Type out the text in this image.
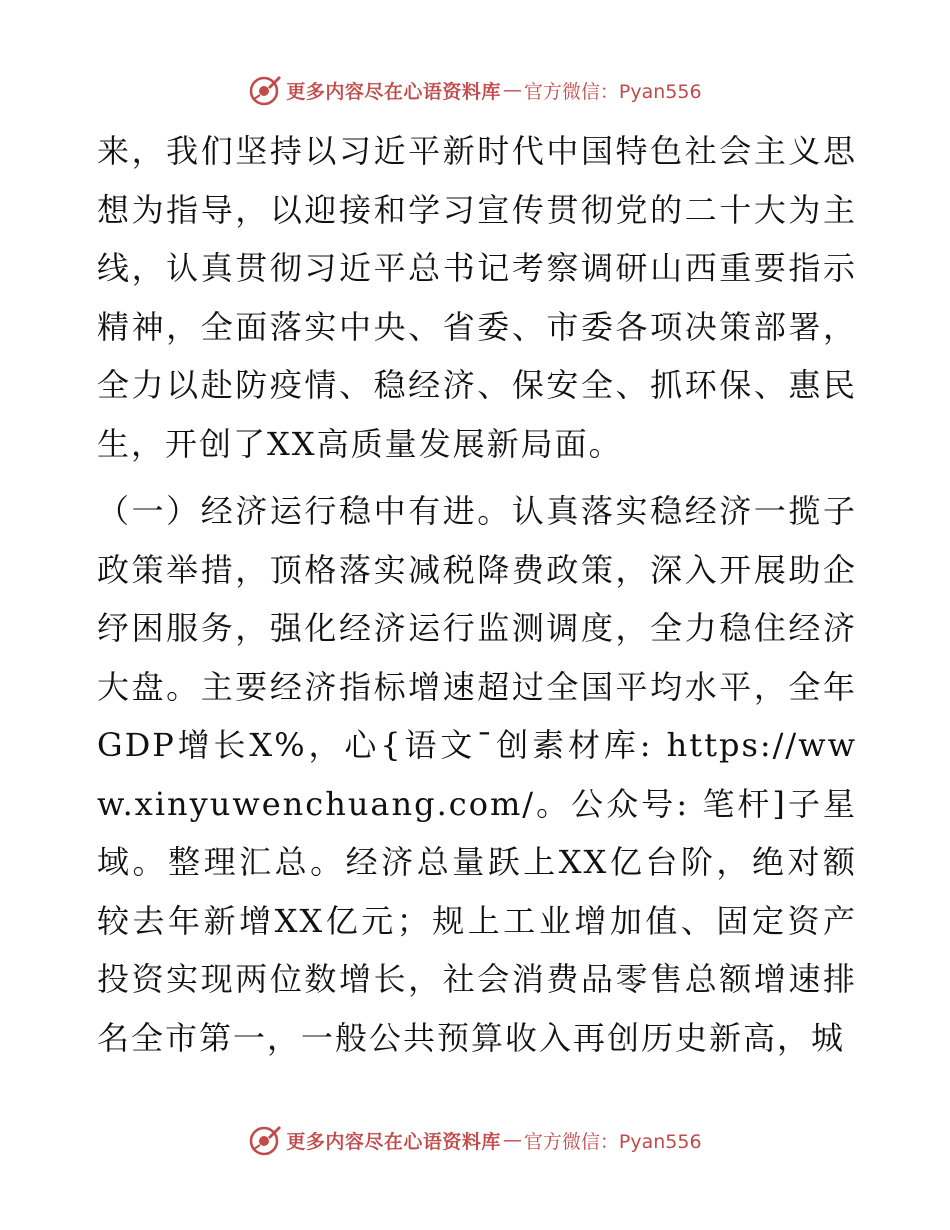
更多内容尽在心语资料库 — 官方微信：Pyan556

来，我们坚持以习近平新时代中国特色社会主义思想为指导，以迎接和学习宣传贯彻党的二十大为主线，认真贯彻习近平总书记考察调研山西重要指示精神，全面落实中央、省委、市委各项决策部署，全力以赴防疫情、稳经济、保安全、抓环保、惠民生，开创了XX高质量发展新局面。

（一）经济运行稳中有进。认真落实稳经济一揽子政策举措，顶格落实减税降费政策，深入开展助企纾困服务，强化经济运行监测调度，全力稳住经济大盘。主要经济指标增速超过全国平均水平，全年GDP增长X%，心{语文¯创素材库: https://www.xinyuwenchuang.com/。公众号: 笔杆]子星域。整理汇总。经济总量跃上XX亿台阶，绝对额较去年新增XX亿元；规上工业增加值、固定资产投资实现两位数增长，社会消费品零售总额增速排名全市第一，一般公共预算收入再创历史新高，城

更多内容尽在心语资料库 — 官方微信：Pyan556
